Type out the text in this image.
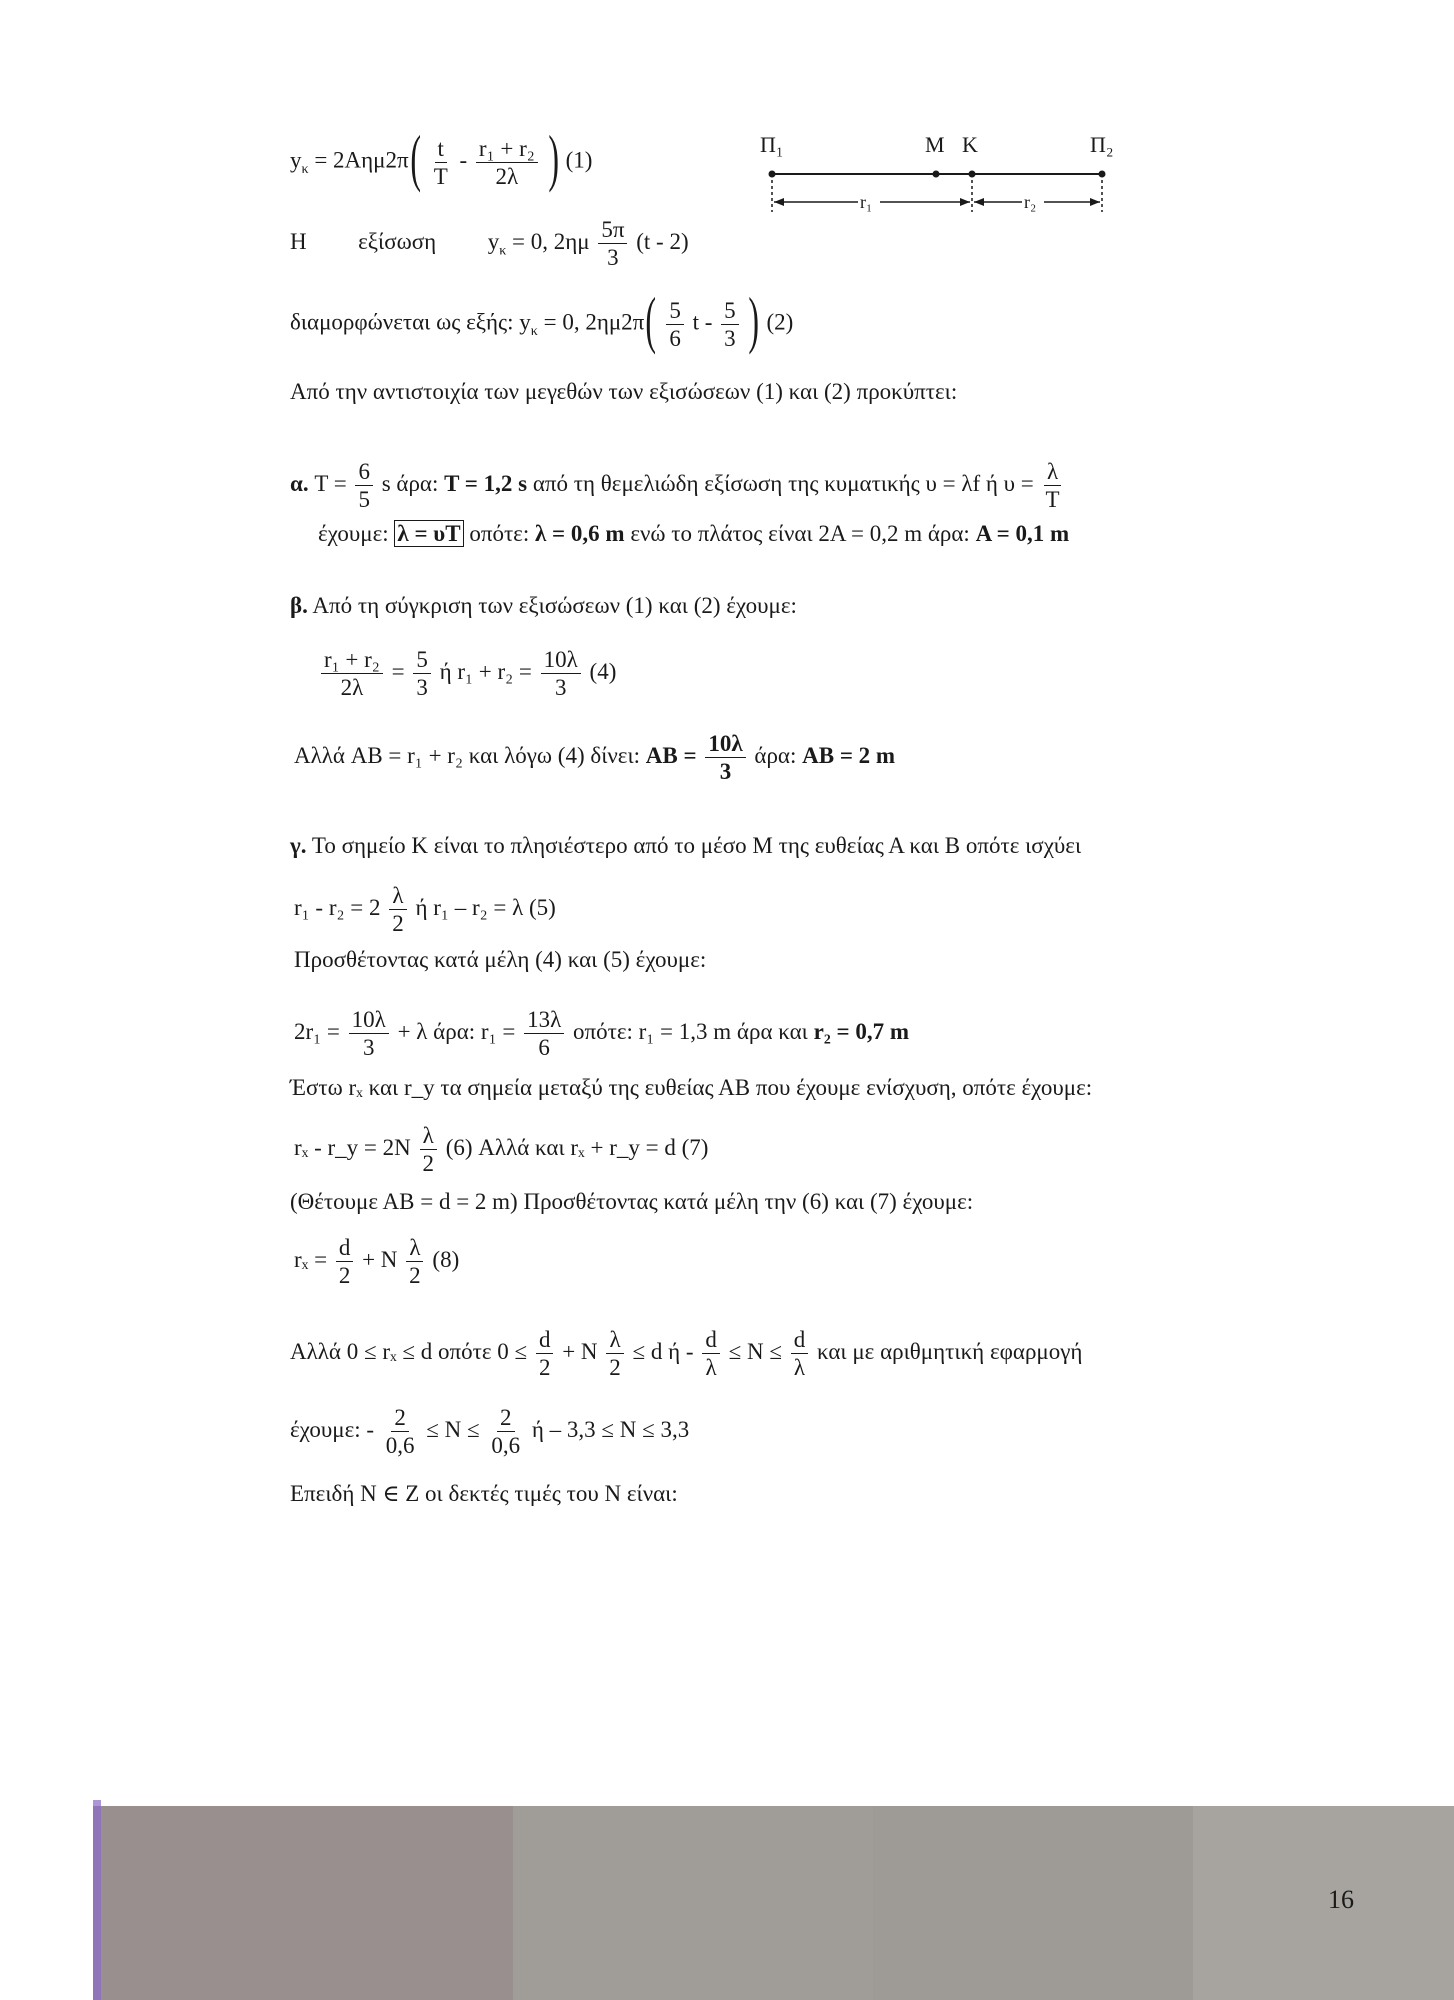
$y_\kappa = 2A\eta\mu 2\pi( \frac{t}{T} - \frac{\text{r₁ + r₂}}{2\lambda}$ ) (1)
Π₁	M K	Π₂
r₁	r₂
Η εξίσωση $y_\kappa = 0$, $2\eta\mu \frac{5\pi}{3} (t - 2)$
διαμορφώνεται ως εξής: $y_\kappa = 0$, $2\eta\mu 2\pi( \frac{5}{6}$ t - $\frac{5}{3}$ ) (2)
Από την αντιστοιχία των μεγεθών των εξισώσεων (1) και (2) προκύπτει:
α. $T = \frac{6}{5}$ s άρα: T = 1,2 s από τη θεμελιώδη εξίσωση της κυματικής υ = λf ή $\upsilon = \frac{\lambda}{T}$
έχουμε: λ = υΤ οπότε: λ = 0,6 m ενώ το πλάτος είναι 2Α = 0,2 m άρα: Α = 0,1 m
β. Από τη σύγκριση των εξισώσεων (1) και (2) έχουμε:
$\frac{\text{r₁ + r₂}}{2\lambda} = \frac{5}{3}$ ή $r_1 + r_2 = \frac{10\lambda}{3} (4)$
Αλλά AB = r₁ + r₂ και λόγω (4) δίνει: AB = $\frac{10\lambda}{3} ά\rho\alpha$: AB = 2 m
γ. Το σημείο Κ είναι το πλησιέστερο από το μέσο Μ της ευθείας Α και Β οπότε ισχύει
$r_1 - r_2 = 2 \frac{\lambda}{2}$ ή r₁ – r₂ = λ (5)
Προσθέτοντας κατά μέλη (4) και (5) έχουμε:
$2r_1 = \frac{10\lambda}{3} + \lambda$ άρα: $r_1 = \frac{13\lambda}{6} o\pi ό\tau\varepsilon$: r₁ = 1,3 m άρα και r₂ = 0,7 m
Έστω rₓ και r_y τα σημεία μεταξύ της ευθείας ΑΒ που έχουμε ενίσχυση, οπότε έχουμε:
rₓ - r_y = $2N \frac{\lambda}{2} (6)$ Αλλά και rₓ + r_y = d (7)
(Θέτουμε ΑΒ = d = 2 m) Προσθέτοντας κατά μέλη την (6) και (7) έχουμε:
$r_x = \frac{d}{2} + N \frac{\lambda}{2} (8)$
Αλλά 0 ≤ rₓ ≤ d οπότε $0 \le \frac{d}{2} + N \frac{\lambda}{2} \le d$ $ή - \frac{d}{\lambda} \le N \le \frac{d}{\lambda}$ και με αριθμητική εφαρμογή
έχουμε: - $\frac{2}{0,6} \le N \le \frac{2}{0,6}$ ή – 3,3 ≤ N ≤ 3,3
Επειδή N ∈ Z οι δεκτές τιμές του N είναι:
16
